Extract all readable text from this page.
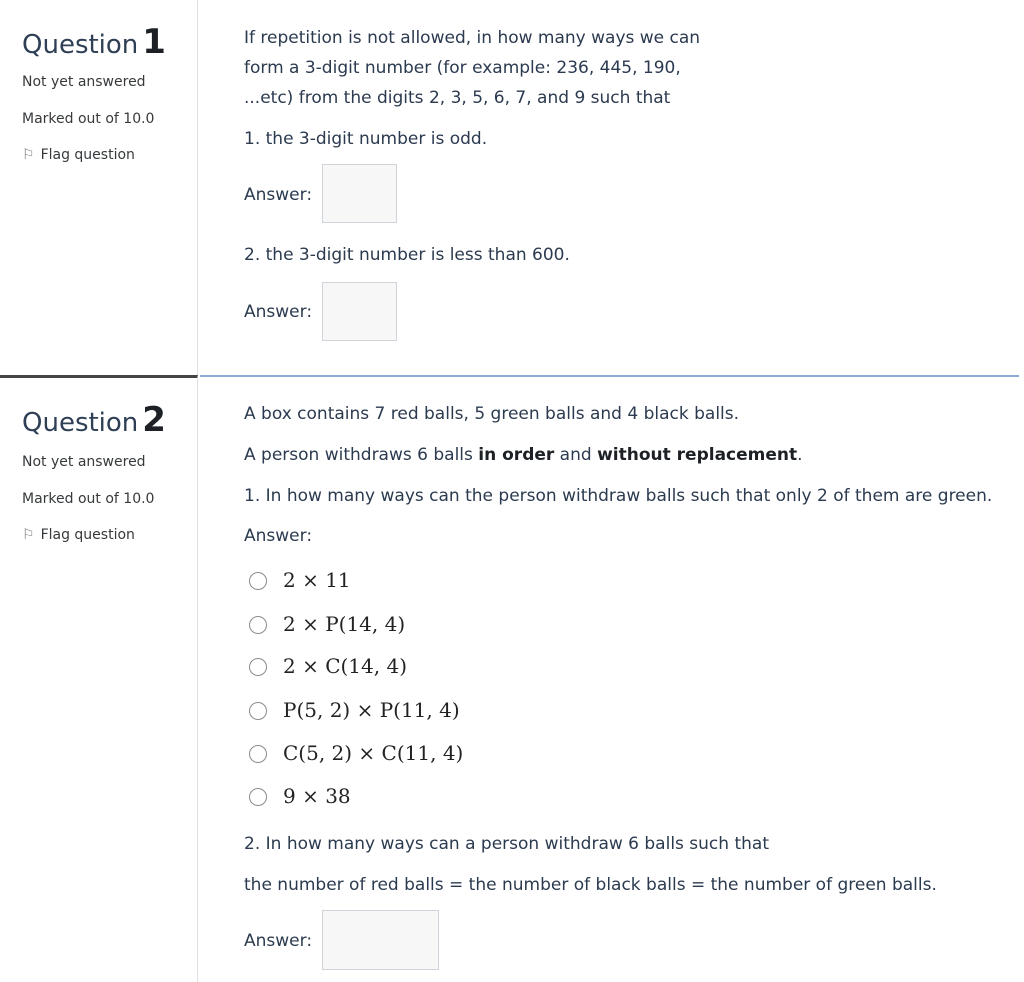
Question 1
Not yet answered
Marked out of 10.0
⚐ Flag question
If repetition is not allowed, in how many ways we can
form a 3-digit number (for example: 236, 445, 190,
...etc) from the digits 2, 3, 5, 6, 7, and 9 such that
1. the 3-digit number is odd.
Answer:
2. the 3-digit number is less than 600.
Answer:
Question 2
Not yet answered
Marked out of 10.0
⚐ Flag question
A box contains 7 red balls, 5 green balls and 4 black balls.
A person withdraws 6 balls in order and without replacement.
1. In how many ways can the person withdraw balls such that only 2 of them are green.
Answer:
2 × 11
2 × P(14, 4)
2 × C(14, 4)
P(5, 2) × P(11, 4)
C(5, 2) × C(11, 4)
9 × 38
2. In how many ways can a person withdraw 6 balls such that
the number of red balls = the number of black balls = the number of green balls.
Answer:
